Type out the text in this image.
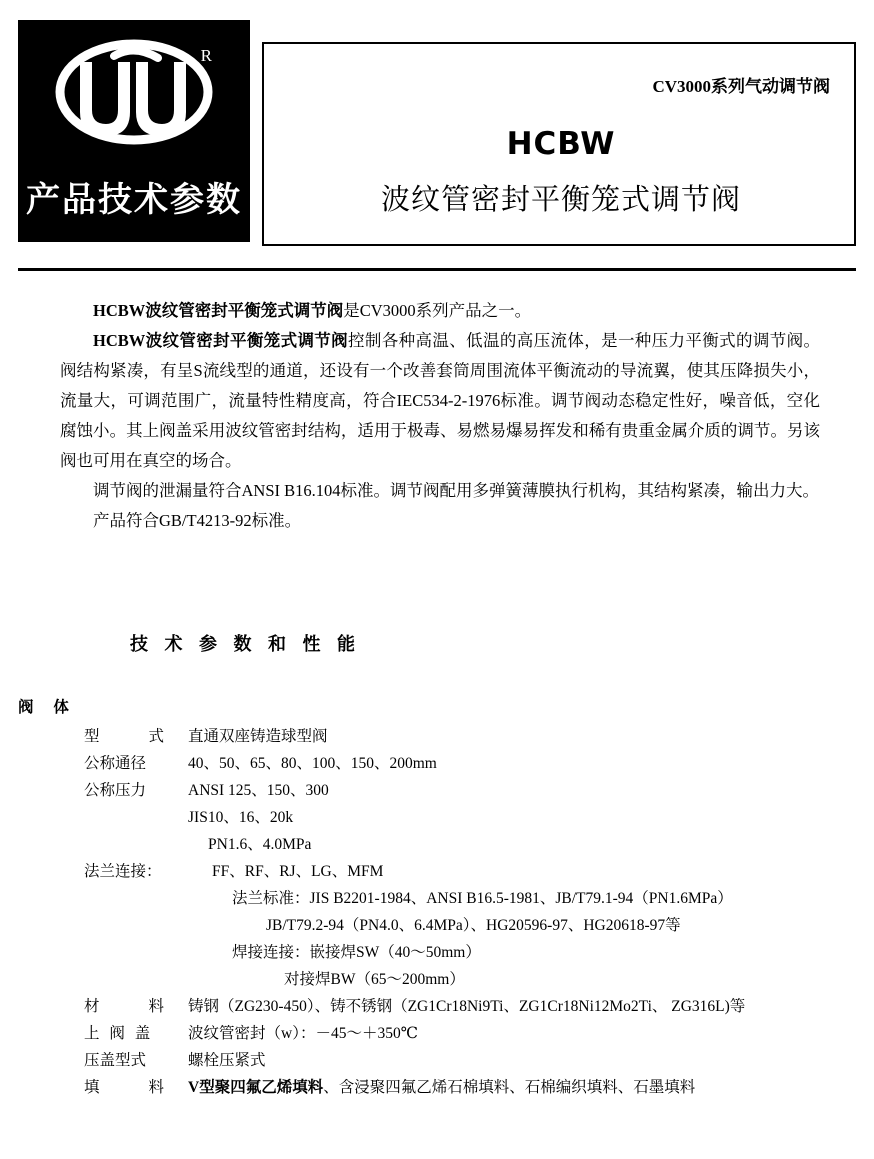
R
产品技术参数
CV3000系列气动调节阀
HCBW
波纹管密封平衡笼式调节阀

HCBW波纹管密封平衡笼式调节阀是CV3000系列产品之一。

HCBW波纹管密封平衡笼式调节阀控制各种高温、低温的高压流体，是一种压力平衡式的调节阀。阀结构紧凑，有呈S流线型的通道，还设有一个改善套筒周围流体平衡流动的导流翼，使其压降损失小，流量大，可调范围广，流量特性精度高，符合IEC534-2-1976标准。调节阀动态稳定性好，噪音低，空化腐蚀小。其上阀盖采用波纹管密封结构，适用于极毒、易燃易爆易挥发和稀有贵重金属介质的调节。另该阀也可用在真空的场合。

调节阀的泄漏量符合ANSI B16.104标准。调节阀配用多弹簧薄膜执行机构，其结构紧凑，输出力大。

产品符合GB/T4213-92标准。

技 术 参 数 和 性 能
阀 体
型　　式	直通双座铸造球型阀
公称通径	40、50、65、80、100、150、200mm
公称压力	ANSI 125、150、300
JIS10、16、20k
PN1.6、4.0MPa
法兰连接：	FF、RF、RJ、LG、MFM
法兰标准：JIS B2201-1984、ANSI B16.5-1981、JB/T79.1-94（PN1.6MPa）
JB/T79.2-94（PN4.0、6.4MPa）、HG20596-97、HG20618-97等
焊接连接：嵌接焊SW（40～50mm）
对接焊BW（65～200mm）
材　　料	铸钢（ZG230-450）、铸不锈钢（ZG1Cr18Ni9Ti、ZG1Cr18Ni12Mo2Ti、 ZG316L)等
上 阀 盖	波纹管密封（w）：－45～＋350℃
压盖型式	螺栓压紧式
填　　料	V型聚四氟乙烯填料、含浸聚四氟乙烯石棉填料、石棉编织填料、石墨填料
